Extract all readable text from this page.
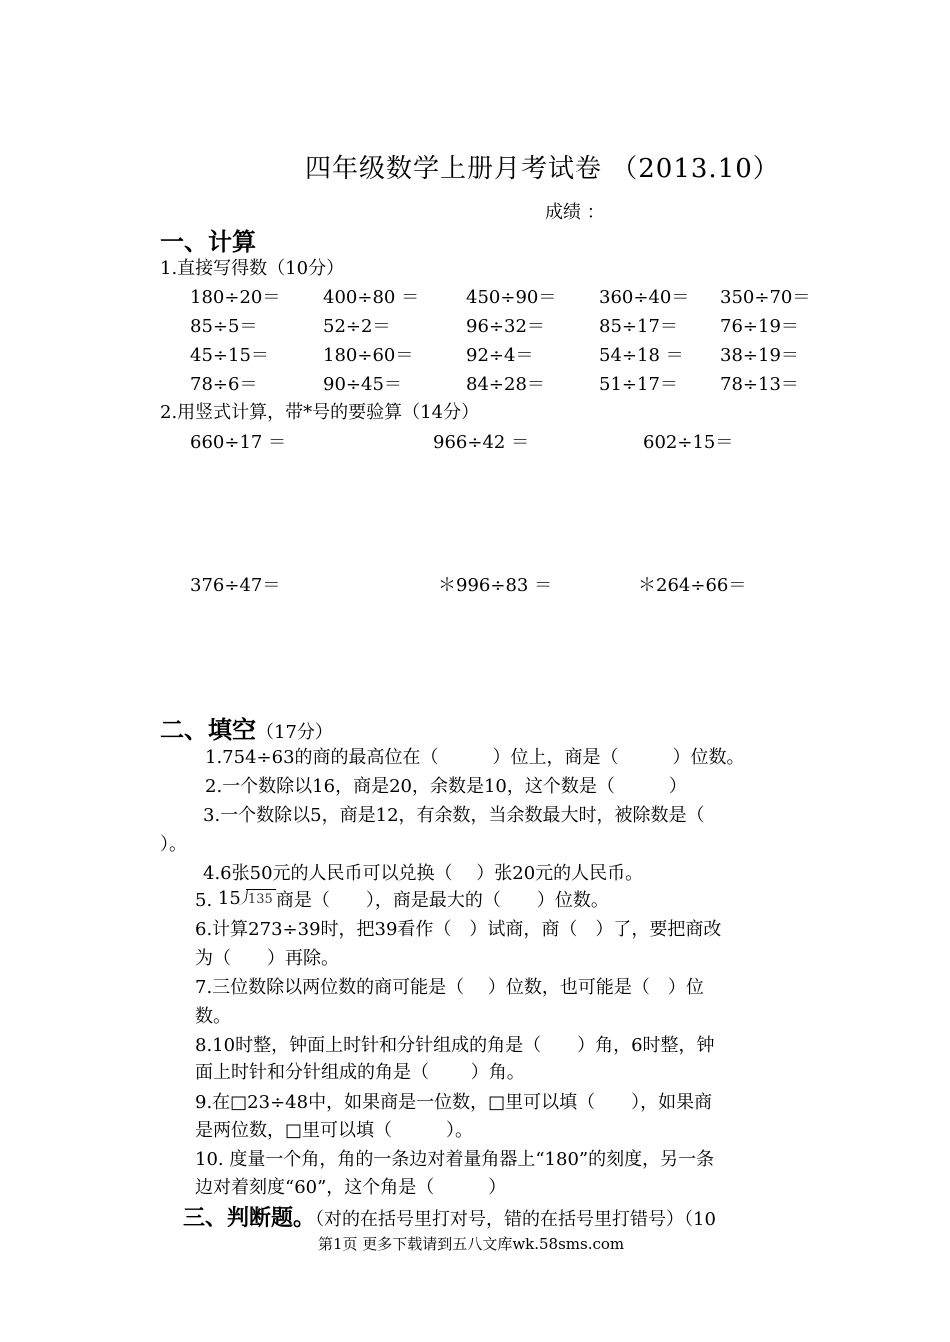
四年级数学上册月考试卷 （2013.10）
成绩 ：
一、计算
1.直接写得数（10分）
180÷20＝ 400÷80 ＝	450÷90＝ 360÷40＝ 350÷70＝
85÷5＝	52÷2＝	96÷32＝	85÷17＝ 76÷19＝
45÷15＝	180÷60＝	92÷4＝	54÷18 ＝ 38÷19＝
78÷6＝	90÷45＝	84÷28＝	51÷17＝ 78÷13＝
2.用竖式计算，带*号的要验算（14分）
660÷17 ＝	966÷42 ＝	602÷15＝
376÷47＝	＊996÷83 ＝	＊264÷66＝
二、填空（17分）
1.754÷63的商的最高位在（　　　）位上，商是（　　　）位数。
2.一个数除以16，商是20，余数是10，这个数是（　　　）
3.一个数除以5，商是12，有余数，当余数最大时，被除数是（
）。
4.6张50元的人民币可以兑换（　 ）张20元的人民币。
5. 15 135 商是（　　），商是最大的（　　）位数。
6.计算273÷39时，把39看作（　）试商，商（　）了，要把商改
为（　　）再除。
7.三位数除以两位数的商可能是（　 ）位数，也可能是（　）位
数。
8.10时整，钟面上时针和分针组成的角是（　　）角，6时整，钟
面上时针和分针组成的角是（　　 ）角。
9.在□23÷48中，如果商是一位数，□里可以填（　　），如果商
是两位数，□里可以填（　　　）。
10. 度量一个角，角的一条边对着量角器上“180”的刻度，另一条
边对着刻度“60”，这个角是（　　　）
三、判断题。（对的在括号里打对号，错的在括号里打错号）（10
第1页 更多下载请到五八文库wk.58sms.com
